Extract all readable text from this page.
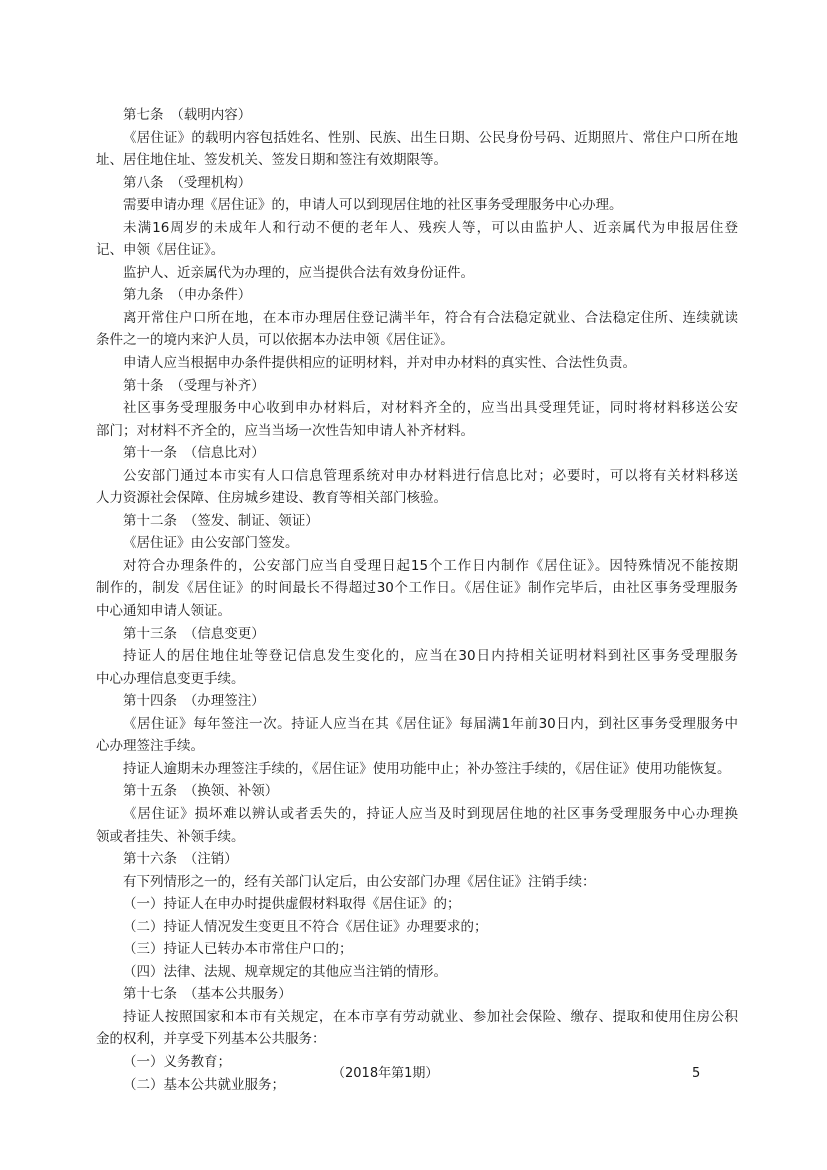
第七条　（载明内容）
《居住证》的载明内容包括姓名、性别、民族、出生日期、公民身份号码、近期照片、常住户口所在地
址、居住地住址、签发机关、签发日期和签注有效期限等。
第八条　（受理机构）
需要申请办理《居住证》的，申请人可以到现居住地的社区事务受理服务中心办理。
未满16周岁的未成年人和行动不便的老年人、残疾人等，可以由监护人、近亲属代为申报居住登
记、申领《居住证》。
监护人、近亲属代为办理的，应当提供合法有效身份证件。
第九条　（申办条件）
离开常住户口所在地，在本市办理居住登记满半年，符合有合法稳定就业、合法稳定住所、连续就读
条件之一的境内来沪人员，可以依据本办法申领《居住证》。
申请人应当根据申办条件提供相应的证明材料，并对申办材料的真实性、合法性负责。
第十条　（受理与补齐）
社区事务受理服务中心收到申办材料后，对材料齐全的，应当出具受理凭证，同时将材料移送公安
部门；对材料不齐全的，应当当场一次性告知申请人补齐材料。
第十一条　（信息比对）
公安部门通过本市实有人口信息管理系统对申办材料进行信息比对；必要时，可以将有关材料移送
人力资源社会保障、住房城乡建设、教育等相关部门核验。
第十二条　（签发、制证、领证）
《居住证》由公安部门签发。
对符合办理条件的，公安部门应当自受理日起15个工作日内制作《居住证》。因特殊情况不能按期
制作的，制发《居住证》的时间最长不得超过30个工作日。《居住证》制作完毕后，由社区事务受理服务
中心通知申请人领证。
第十三条　（信息变更）
持证人的居住地住址等登记信息发生变化的，应当在30日内持相关证明材料到社区事务受理服务
中心办理信息变更手续。
第十四条　（办理签注）
《居住证》每年签注一次。持证人应当在其《居住证》每届满1年前30日内，到社区事务受理服务中
心办理签注手续。
持证人逾期未办理签注手续的，《居住证》使用功能中止；补办签注手续的，《居住证》使用功能恢复。
第十五条　（换领、补领）
《居住证》损坏难以辨认或者丢失的，持证人应当及时到现居住地的社区事务受理服务中心办理换
领或者挂失、补领手续。
第十六条　（注销）
有下列情形之一的，经有关部门认定后，由公安部门办理《居住证》注销手续：
（一）持证人在申办时提供虚假材料取得《居住证》的；
（二）持证人情况发生变更且不符合《居住证》办理要求的；
（三）持证人已转办本市常住户口的；
（四）法律、法规、规章规定的其他应当注销的情形。
第十七条　（基本公共服务）
持证人按照国家和本市有关规定，在本市享有劳动就业、参加社会保险、缴存、提取和使用住房公积
金的权利，并享受下列基本公共服务：
（一）义务教育；
（二）基本公共就业服务；
（2018年第1期）	5
